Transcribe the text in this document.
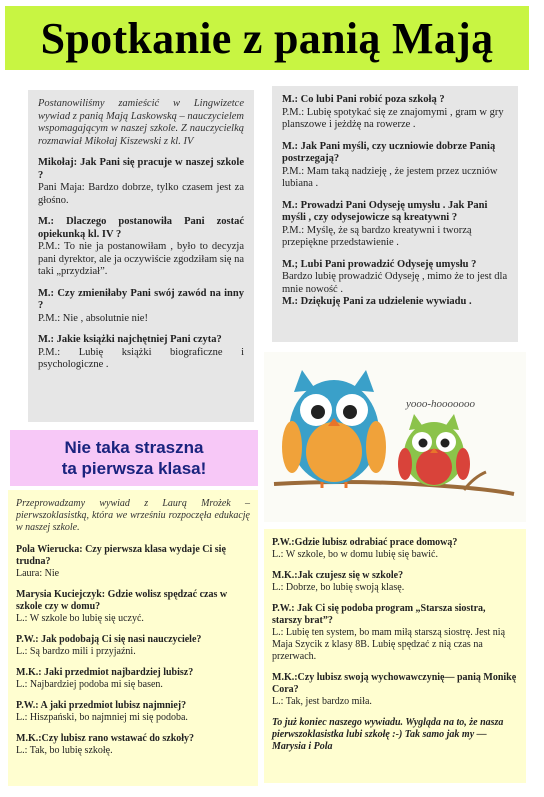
Spotkanie z panią Mają
Postanowiliśmy zamieścić w Lingwizetce wywiad z panią Mają Laskowską – nauczycielem wspomagającym w naszej szkole. Z nauczycielką rozmawiał Mikołaj Kiszewski z kl. IV
Mikołaj: Jak Pani się pracuje w naszej szkole ?
Pani Maja: Bardzo dobrze, tylko czasem jest za głośno.
M.: Dlaczego postanowiła Pani zostać opiekunką kl. IV ?
P.M.: To nie ja postanowiłam , było to decyzja pani dyrektor, ale ja oczywiście zgodziłam się na taki „przydział”.
M.: Czy zmieniłaby Pani swój zawód na inny ?
P.M.: Nie , absolutnie nie!
M.: Jakie książki najchętniej Pani czyta?
P.M.: Lubię książki biograficzne i psychologiczne .
M.: Co lubi Pani robić poza szkołą ?
P.M.: Lubię spotykać się ze znajomymi , gram w gry planszowe i jeżdżę na rowerze .
M.: Jak Pani myśli, czy uczniowie dobrze Panią postrzegają?
P.M.: Mam taką nadzieję , że jestem przez uczniów lubiana .
M.: Prowadzi Pani Odyseję umysłu . Jak Pani myśli , czy odysejowicze są kreatywni ?
P.M.: Myślę, że są bardzo kreatywni i tworzą przepiękne przedstawienie .
M.; Lubi Pani prowadzić Odyseję umysłu ?
Bardzo lubię prowadzić Odyseję , mimo że to jest dla mnie nowość .
M.: Dziękuję Pani za udzielenie wywiadu .
yooo-hooooooo
Nie taka straszna
ta pierwsza klasa!
Przeprowadzamy wywiad z Laurą Mrożek – pierwszoklasistką, która we wrześniu rozpoczęła edukację w naszej szkole.
Pola Wierucka: Czy pierwsza klasa wydaje Ci się trudna?
Laura: Nie
Marysia Kuciejczyk: Gdzie wolisz spędzać czas w szkole czy w domu?
L.: W szkole bo lubię się uczyć.
P.W.: Jak podobają Ci się nasi nauczyciele?
L.: Są bardzo mili i przyjaźni.
M.K.: Jaki przedmiot najbardziej lubisz?
L.: Najbardziej podoba mi się basen.
P.W.: A jaki przedmiot lubisz najmniej?
L.: Hiszpański, bo najmniej mi się podoba.
M.K.:Czy lubisz rano wstawać do szkoły?
L.: Tak, bo lubię szkołę.
P.W.:Gdzie lubisz odrabiać prace domową?
L.: W szkole, bo w domu lubię się bawić.
M.K.:Jak czujesz się w szkole?
L.: Dobrze, bo lubię swoją klasę.
P.W.: Jak Ci się podoba program „Starsza siostra, starszy brat”?
L.: Lubię ten system, bo mam miłą starszą siostrę. Jest nią Maja Szycik z klasy 8B. Lubię spędzać z nią czas na przerwach.
M.K.:Czy lubisz swoją wychowawczynię— panią Monikę Cora?
L.: Tak, jest bardzo miła.
To już koniec naszego wywiadu. Wygląda na to, że nasza pierwszoklasistka lubi szkołę :-) Tak samo jak my — Marysia i Pola
